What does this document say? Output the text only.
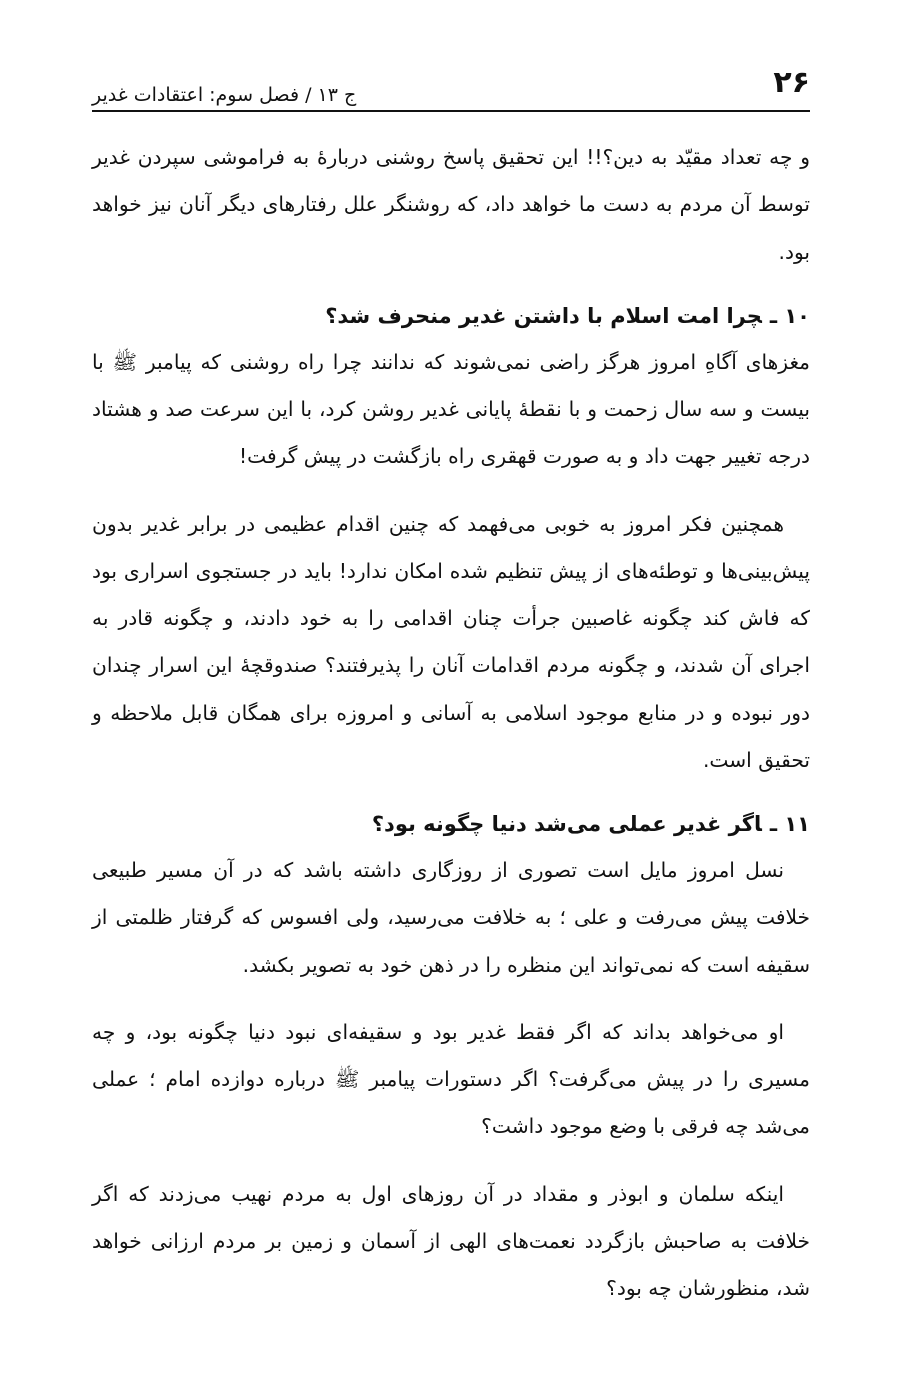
۲۶
ج ۱۳ / فصل سوم: اعتقادات غدیر

و چه تعداد مقیّد به دین؟!! این تحقیق پاسخ روشنی دربارۀ به فراموشی سپردن غدیر توسط آن مردم به دست ما خواهد داد، که روشنگر علل رفتارهای دیگر آنان نیز خواهد بود.

۱۰ ـچرا امت اسلام با داشتن غدیر منحرف شد؟

مغزهای آگاهِ امروز هرگز راضی نمی‌شوند که ندانند چرا راه روشنی که پیامبر ﷺ با بیست و سه سال زحمت و با نقطۀ پایانی غدیر روشن کرد، با این سرعت صد و هشتاد درجه تغییر جهت داد و به صورت قهقری راه بازگشت در پیش گرفت!

همچنین فکر امروز به خوبی می‌فهمد که چنین اقدام عظیمی در برابر غدیر بدون پیش‌بینی‌ها و توطئه‌های از پیش تنظیم شده امکان ندارد! باید در جستجوی اسراری بود که فاش کند چگونه غاصبین جرأت چنان اقدامی را به خود دادند، و چگونه قادر به اجرای آن شدند، و چگونه مردم اقدامات آنان را پذیرفتند؟ صندوقچۀ این اسرار چندان دور نبوده و در منابع موجود اسلامی به آسانی و امروزه برای همگان قابل ملاحظه و تحقیق است.

۱۱ ـاگر غدیر عملی می‌شد دنیا چگونه بود؟

نسل امروز مایل است تصوری از روزگاری داشته باشد که در آن مسیر طبیعی خلافت پیش می‌رفت و علی ؛ به خلافت می‌رسید، ولی افسوس که گرفتار ظلمتی از سقیفه است که نمی‌تواند این منظره را در ذهن خود به تصویر بکشد.

او می‌خواهد بداند که اگر فقط غدیر بود و سقیفه‌ای نبود دنیا چگونه بود، و چه مسیری را در پیش می‌گرفت؟ اگر دستورات پیامبر ﷺ درباره دوازده امام ؛ عملی می‌شد چه فرقی با وضع موجود داشت؟

اینکه سلمان و ابوذر و مقداد در آن روزهای اول به مردم نهیب می‌زدند که اگر خلافت به صاحبش بازگردد نعمت‌های الهی از آسمان و زمین بر مردم ارزانی خواهد شد، منظورشان چه بود؟
